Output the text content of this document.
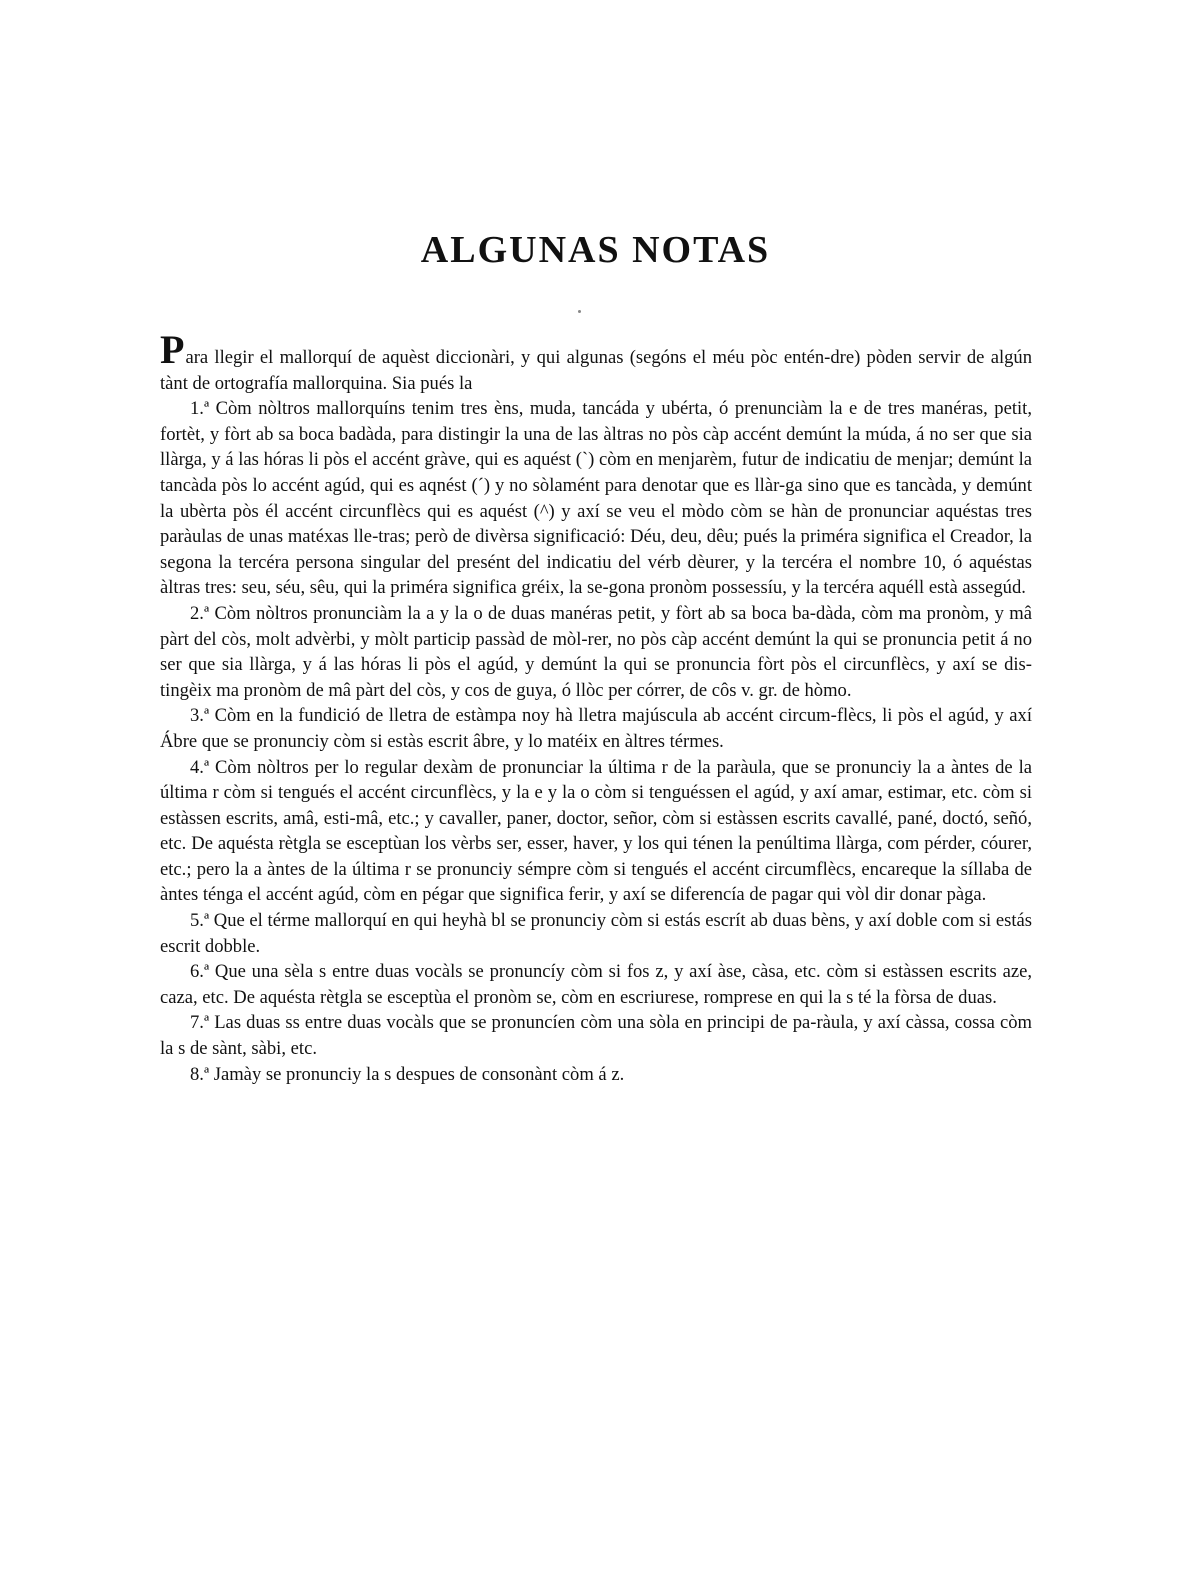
ALGUNAS NOTAS

Para llegir el mallorquí de aquèst diccionàri, y qui algunas (segóns el méu pòc entén-dre) pòden servir de algún tànt de ortografía mallorquina. Sia pués la

1.ª Còm nòltros mallorquíns tenim tres èns, muda, tancáda y ubérta, ó prenunciàm la e de tres manéras, petit, fortèt, y fòrt ab sa boca badàda, para distingir la una de las àltras no pòs càp accént demúnt la múda, á no ser que sia llàrga, y á las hóras li pòs el accént gràve, qui es aquést (`) còm en menjarèm, futur de indicatiu de menjar; demúnt la tancàda pòs lo accént agúd, qui es aqnést (´) y no sòlamént para denotar que es llàr-ga sino que es tancàda, y demúnt la ubèrta pòs él accént circunflècs qui es aquést (^) y axí se veu el mòdo còm se hàn de pronunciar aquéstas tres paràulas de unas matéxas lle-tras; però de divèrsa significació: Déu, deu, dêu; pués la priméra significa el Creador, la segona la tercéra persona singular del presént del indicatiu del vérb dèurer, y la tercéra el nombre 10, ó aquéstas àltras tres: seu, séu, sêu, qui la priméra significa gréix, la se-gona pronòm possessíu, y la tercéra aquéll està assegúd.

2.ª Còm nòltros pronunciàm la a y la o de duas manéras petit, y fòrt ab sa boca ba-dàda, còm ma pronòm, y mâ pàrt del còs, molt advèrbi, y mòlt particip passàd de mòl-rer, no pòs càp accént demúnt la qui se pronuncia petit á no ser que sia llàrga, y á las hóras li pòs el agúd, y demúnt la qui se pronuncia fòrt pòs el circunflècs, y axí se dis-tingèix ma pronòm de mâ pàrt del còs, y cos de guya, ó llòc per córrer, de côs v. gr. de hòmo.

3.ª Còm en la fundició de lletra de estàmpa noy hà lletra majúscula ab accént circum-flècs, li pòs el agúd, y axí Ábre que se pronunciy còm si estàs escrit âbre, y lo matéix en àltres térmes.

4.ª Còm nòltros per lo regular dexàm de pronunciar la última r de la paràula, que se pronunciy la a àntes de la última r còm si tengués el accént circunflècs, y la e y la o còm si tenguéssen el agúd, y axí amar, estimar, etc. còm si estàssen escrits, amâ, esti-mâ, etc.; y cavaller, paner, doctor, señor, còm si estàssen escrits cavallé, pané, doctó, señó, etc. De aquésta rètgla se esceptùan los vèrbs ser, esser, haver, y los qui ténen la penúltima llàrga, com pérder, cóurer, etc.; pero la a àntes de la última r se pronunciy sémpre còm si tengués el accént circumflècs, encareque la síllaba de àntes ténga el accént agúd, còm en pégar que significa ferir, y axí se diferencía de pagar qui vòl dir donar pàga.

5.ª Que el térme mallorquí en qui heyhà bl se pronunciy còm si estás escrít ab duas bèns, y axí doble com si estás escrit dobble.

6.ª Que una sèla s entre duas vocàls se pronuncíy còm si fos z, y axí àse, càsa, etc. còm si estàssen escrits aze, caza, etc. De aquésta rètgla se esceptùa el pronòm se, còm en escriurese, romprese en qui la s té la fòrsa de duas.

7.ª Las duas ss entre duas vocàls que se pronuncíen còm una sòla en principi de pa-ràula, y axí càssa, cossa còm la s de sànt, sàbi, etc.

8.ª Jamày se pronunciy la s despues de consonànt còm á z.
